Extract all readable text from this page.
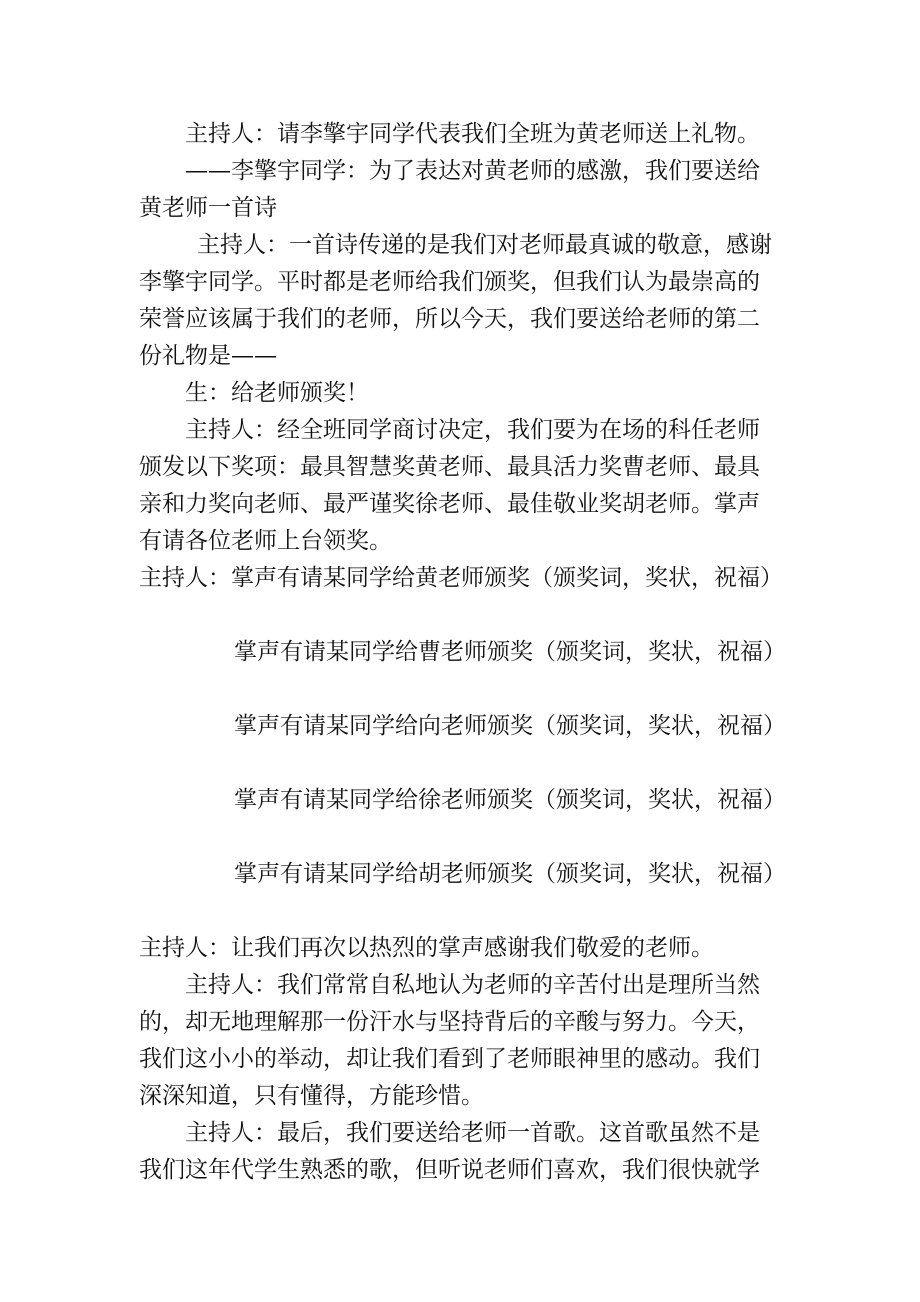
主持人：请李擎宇同学代表我们全班为黄老师送上礼物。

——李擎宇同学：为了表达对黄老师的感激，我们要送给黄老师一首诗

主持人：一首诗传递的是我们对老师最真诚的敬意，感谢李擎宇同学。平时都是老师给我们颁奖，但我们认为最崇高的荣誉应该属于我们的老师，所以今天，我们要送给老师的第二份礼物是——

生：给老师颁奖！

主持人：经全班同学商讨决定，我们要为在场的科任老师颁发以下奖项：最具智慧奖黄老师、最具活力奖曹老师、最具亲和力奖向老师、最严谨奖徐老师、最佳敬业奖胡老师。掌声有请各位老师上台领奖。

主持人：掌声有请某同学给黄老师颁奖（颁奖词，奖状，祝福）

掌声有请某同学给曹老师颁奖（颁奖词，奖状，祝福）

掌声有请某同学给向老师颁奖（颁奖词，奖状，祝福）

掌声有请某同学给徐老师颁奖（颁奖词，奖状，祝福）

掌声有请某同学给胡老师颁奖（颁奖词，奖状，祝福）

主持人：让我们再次以热烈的掌声感谢我们敬爱的老师。

主持人：我们常常自私地认为老师的辛苦付出是理所当然的，却无地理解那一份汗水与坚持背后的辛酸与努力。今天，我们这小小的举动，却让我们看到了老师眼神里的感动。我们深深知道，只有懂得，方能珍惜。

主持人：最后，我们要送给老师一首歌。这首歌虽然不是我们这年代学生熟悉的歌，但听说老师们喜欢，我们很快就学
